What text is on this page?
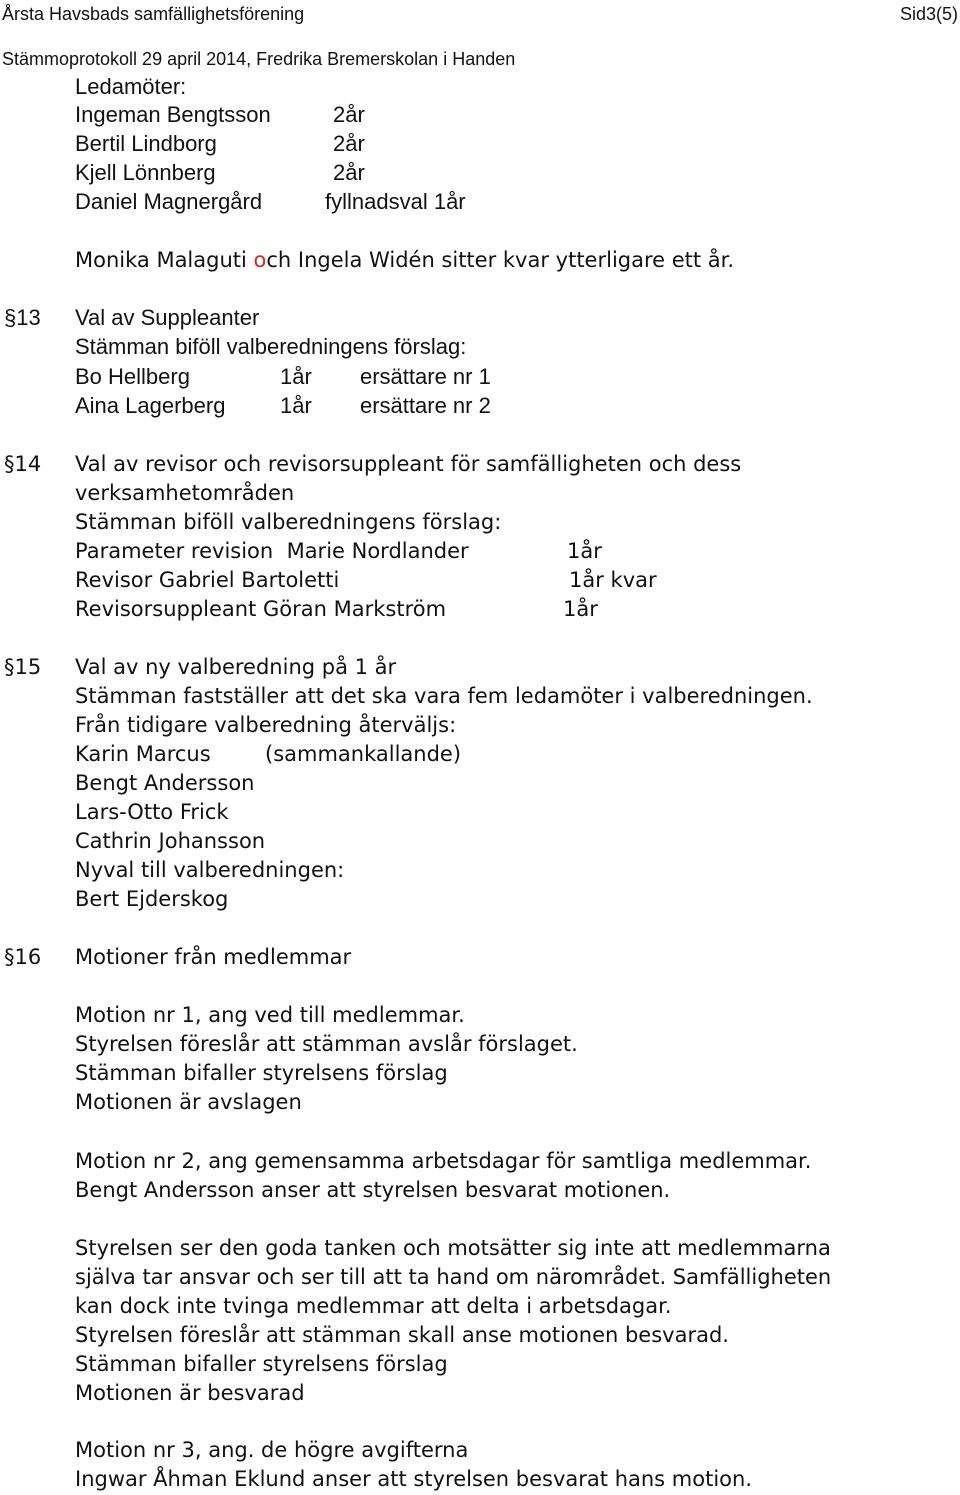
Årsta Havsbads samfällighetsförening	Sid3(5)
Stämmoprotokoll 29 april 2014, Fredrika Bremerskolan i Handen
Ledamöter:
Ingeman Bengtsson	2år
Bertil Lindborg	2år
Kjell Lönnberg	2år
Daniel Magnergård	fyllnadsval 1år
Monika Malaguti och Ingela Widén sitter kvar ytterligare ett år.
§13 Val av Suppleanter
Stämman biföll valberedningens förslag:
Bo Hellberg	1år ersättare nr 1
Aina Lagerberg 1år ersättare nr 2
§14 Val av revisor och revisorsuppleant för samfälligheten och dess
verksamhetområden
Stämman biföll valberedningens förslag:
Parameter revision  Marie Nordlander	1år
Revisor Gabriel Bartoletti	1år kvar
Revisorsuppleant Göran Markström	1år
§15 Val av ny valberedning på 1 år
Stämman fastställer att det ska vara fem ledamöter i valberedningen.
Från tidigare valberedning återväljs:
Karin Marcus	(sammankallande)
Bengt Andersson
Lars-Otto Frick
Cathrin Johansson
Nyval till valberedningen:
Bert Ejderskog
§16 Motioner från medlemmar
Motion nr 1, ang ved till medlemmar.
Styrelsen föreslår att stämman avslår förslaget.
Stämman bifaller styrelsens förslag
Motionen är avslagen
Motion nr 2, ang gemensamma arbetsdagar för samtliga medlemmar.
Bengt Andersson anser att styrelsen besvarat motionen.
Styrelsen ser den goda tanken och motsätter sig inte att medlemmarna
själva tar ansvar och ser till att ta hand om närområdet. Samfälligheten
kan dock inte tvinga medlemmar att delta i arbetsdagar.
Styrelsen föreslår att stämman skall anse motionen besvarad.
Stämman bifaller styrelsens förslag
Motionen är besvarad
Motion nr 3, ang. de högre avgifterna
Ingwar Åhman Eklund anser att styrelsen besvarat hans motion.
